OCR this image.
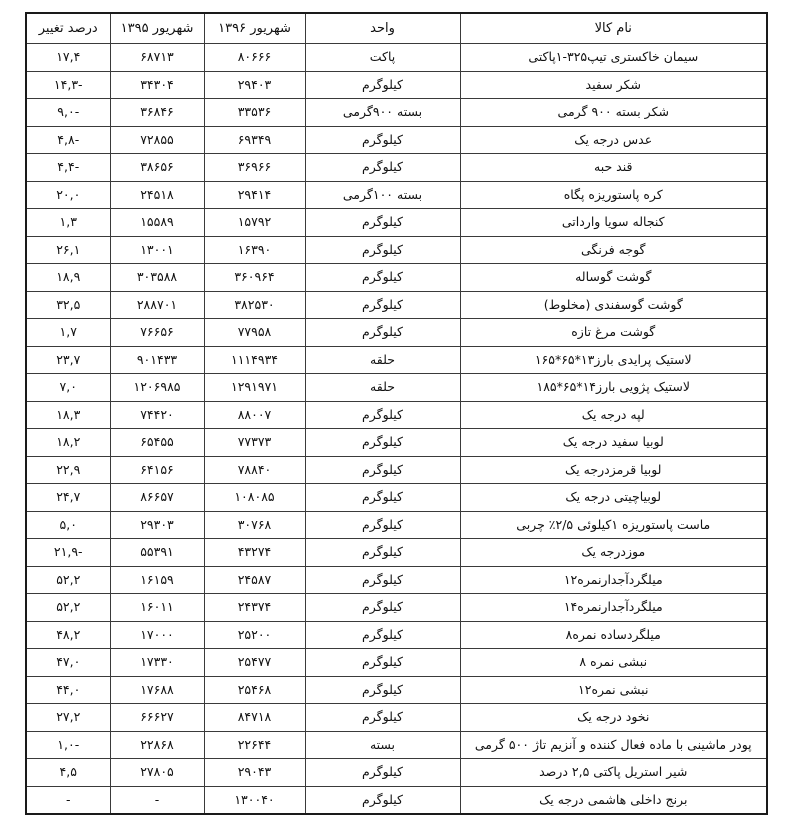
نام کالا	واحد	شهریور ۱۳۹۶	شهریور ۱۳۹۵	درصد تغییر
سیمان خاکستری تیپ۳۲۵-۱پاکتی	پاکت	۸۰۶۶۶	۶۸۷۱۳	۱۷,۴
شکر سفید	کیلوگرم	۲۹۴۰۳	۳۴۳۰۴	-۱۴,۳
شکر بسته ۹۰۰ گرمی	بسته ۹۰۰گرمی	۳۳۵۳۶	۳۶۸۴۶	-۹,۰
عدس درجه یک	کیلوگرم	۶۹۳۴۹	۷۲۸۵۵	-۴,۸
قند حبه	کیلوگرم	۳۶۹۶۶	۳۸۶۵۶	-۴,۴
کره پاستوریزه پگاه	بسته ۱۰۰گرمی	۲۹۴۱۴	۲۴۵۱۸	۲۰,۰
کنجاله سویا وارداتی	کیلوگرم	۱۵۷۹۲	۱۵۵۸۹	۱,۳
گوجه فرنگی	کیلوگرم	۱۶۳۹۰	۱۳۰۰۱	۲۶,۱
گوشت گوساله	کیلوگرم	۳۶۰۹۶۴	۳۰۳۵۸۸	۱۸,۹
گوشت گوسفندی (مخلوط)	کیلوگرم	۳۸۲۵۳۰	۲۸۸۷۰۱	۳۲,۵
گوشت مرغ تازه	کیلوگرم	۷۷۹۵۸	۷۶۶۵۶	۱,۷
لاستیک پرایدی بارز۱۳*۶۵*۱۶۵	حلقه	۱۱۱۴۹۳۴	۹۰۱۴۳۳	۲۳,۷
لاستیک پژویی بارز۱۴*۶۵*۱۸۵	حلقه	۱۲۹۱۹۷۱	۱۲۰۶۹۸۵	۷,۰
لپه درجه یک	کیلوگرم	۸۸۰۰۷	۷۴۴۲۰	۱۸,۳
لوبیا سفید درجه یک	کیلوگرم	۷۷۳۷۳	۶۵۴۵۵	۱۸,۲
لوبیا قرمزدرجه یک	کیلوگرم	۷۸۸۴۰	۶۴۱۵۶	۲۲,۹
لوبیاچیتی درجه یک	کیلوگرم	۱۰۸۰۸۵	۸۶۶۵۷	۲۴,۷
ماست پاستوریزه ۱کیلوئی ۲/۵٪ چربی	کیلوگرم	۳۰۷۶۸	۲۹۳۰۳	۵,۰
موزدرجه یک	کیلوگرم	۴۳۲۷۴	۵۵۳۹۱	-۲۱,۹
میلگردآجدارنمره۱۲	کیلوگرم	۲۴۵۸۷	۱۶۱۵۹	۵۲,۲
میلگردآجدارنمره۱۴	کیلوگرم	۲۴۳۷۴	۱۶۰۱۱	۵۲,۲
میلگردساده نمره۸	کیلوگرم	۲۵۲۰۰	۱۷۰۰۰	۴۸,۲
نبشی نمره ۸	کیلوگرم	۲۵۴۷۷	۱۷۳۳۰	۴۷,۰
نبشی نمره۱۲	کیلوگرم	۲۵۴۶۸	۱۷۶۸۸	۴۴,۰
نخود درجه یک	کیلوگرم	۸۴۷۱۸	۶۶۶۲۷	۲۷,۲
پودر ماشینی با ماده فعال کننده و آنزیم تاژ ۵۰۰ گرمی	بسته	۲۲۶۴۴	۲۲۸۶۸	-۱,۰
شیر استریل پاکتی ۲,۵ درصد	کیلوگرم	۲۹۰۴۳	۲۷۸۰۵	۴,۵
برنج داخلی هاشمی درجه یک	کیلوگرم	۱۳۰۰۴۰	-	-
